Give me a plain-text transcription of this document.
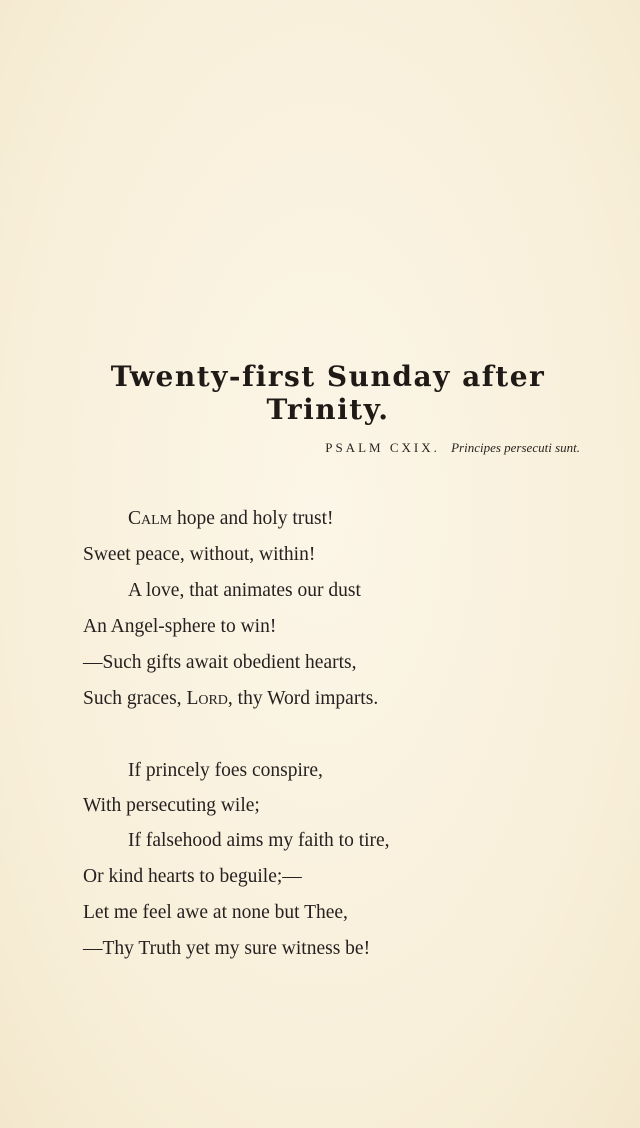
Twenty-first Sunday after Trinity.
PSALM CXIX. Principes persecuti sunt.
Calm hope and holy trust!
Sweet peace, without, within!
A love, that animates our dust
An Angel-sphere to win!
—Such gifts await obedient hearts,
Such graces, Lord, thy Word imparts.
If princely foes conspire,
With persecuting wile;
If falsehood aims my faith to tire,
Or kind hearts to beguile;—
Let me feel awe at none but Thee,
—Thy Truth yet my sure witness be!
